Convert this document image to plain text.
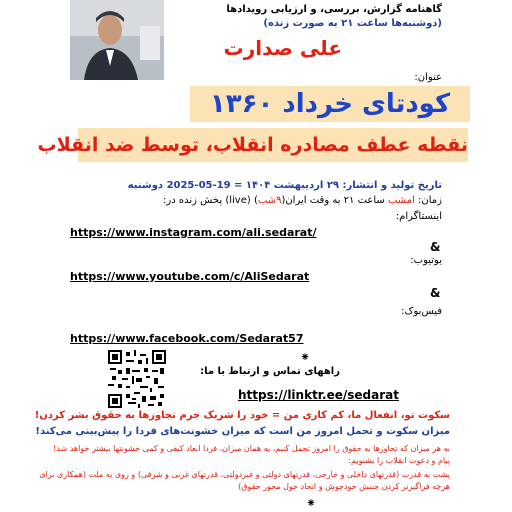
گاهنامه گزارش، بررسی، و ارزیابی رویدادها
(دوشنبه‌ها ساعت ۲۱ به صورت زنده)
علی صدارت
عنوان:
کودتای خرداد ۱۳۶۰
نقطه عطف مصادره انقلاب، توسط ضد انقلاب
تاریخ تولید و انتشار: ۲۹ اردیبهشت ۱۴۰۴ = 19-05-2025 دوشنبه
زمان: امشب ساعت ۲۱ به وقت ایران(۹شب) (live) پخش زنده در:
اینستاگرام:
https://www.instagram.com/ali.sedarat/
&
یوتیوب:
https://www.youtube.com/c/AliSedarat
&
فیس‌بوک:
https://www.facebook.com/Sedarat57
⁕
راههای تماس و ارتباط با ما:
https://linktr.ee/sedarat
سکوت تو، انفعال ما، کم کاری من = خود را شریک جرم تجاوزها به حقوق بشر کردن!
میزان سکوت و تحمل امروز من است که میزان خشونت‌های فردا را پیش‌بینی می‌کند!
به هر میزان که تجاوزها به حقوق را امروز تحمل کنیم، به همان میزان، فردا ابعاد کیفی و کمی خشونتها بیشتر خواهد شد!
پیام و دعوت انقلاب را بشنویم:
پشت به قدرت (قدرتهای داخلی و خارجی، قدرتهای دولتی و غیردولتی، قدرتهای غربی و شرقی) و روی به ملت (همکاری برای
هرچه فراگیرتر کردن جنبش خودجوش و اتحاد حول محور حقوق)
⁕
